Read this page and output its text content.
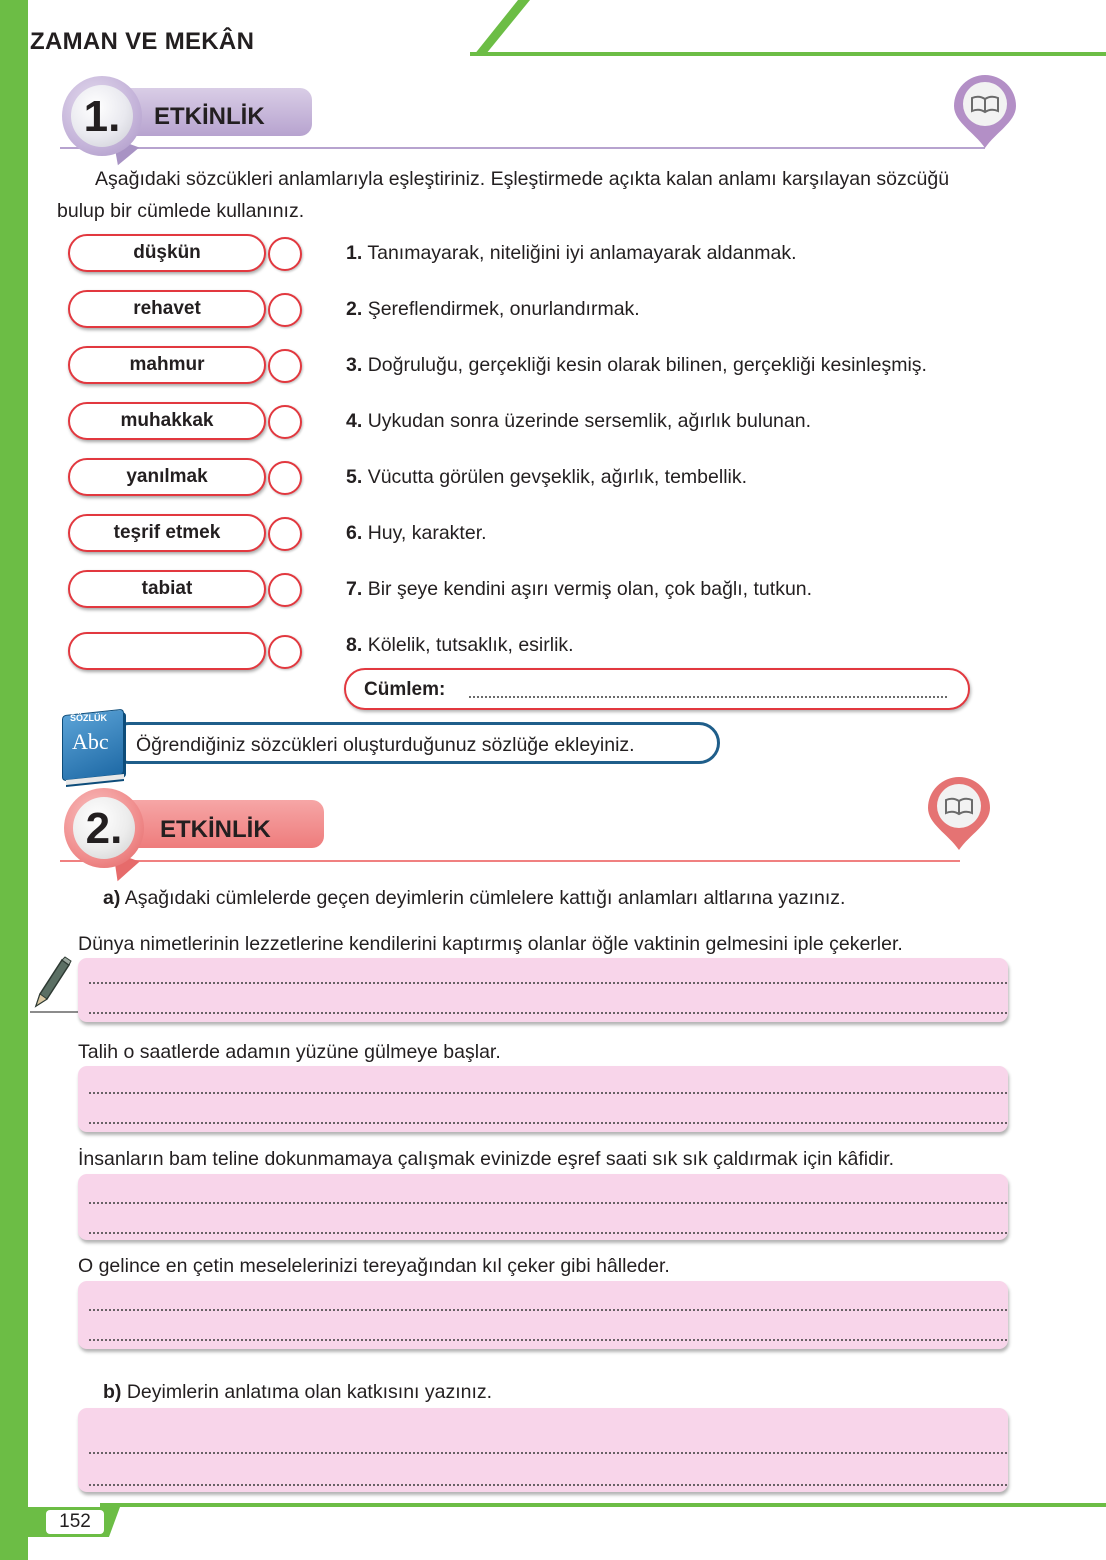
ZAMAN VE MEKÂN
152
1.	ETKİNLİK
Aşağıdaki sözcükleri anlamlarıyla eşleştiriniz. Eşleştirmede açıkta kalan anlamı karşılayan sözcüğü bulup bir cümlede kullanınız.
düşkün
rehavet
mahmur
muhakkak
yanılmak
teşrif etmek
tabiat
1. Tanımayarak, niteliğini iyi anlamayarak aldanmak.
2. Şereflendirmek, onurlandırmak.
3. Doğruluğu, gerçekliği kesin olarak bilinen, gerçekliği kesinleşmiş.
4. Uykudan sonra üzerinde sersemlik, ağırlık bulunan.
5. Vücutta görülen gevşeklik, ağırlık, tembellik.
6. Huy, karakter.
7. Bir şeye kendini aşırı vermiş olan, çok bağlı, tutkun.
8. Kölelik, tutsaklık, esirlik.
Cümlem:
Öğrendiğiniz sözcükleri oluşturduğunuz sözlüğe ekleyiniz.
SÖZLÜK
Abc
2.	ETKİNLİK
a) Aşağıdaki cümlelerde geçen deyimlerin cümlelere kattığı anlamları altlarına yazınız.
Dünya nimetlerinin lezzetlerine kendilerini kaptırmış olanlar öğle vaktinin gelmesini iple çekerler.
Talih o saatlerde adamın yüzüne gülmeye başlar.
İnsanların bam teline dokunmamaya çalışmak evinizde eşref saati sık sık çaldırmak için kâfidir.
O gelince en çetin meselelerinizi tereyağından kıl çeker gibi hâlleder.
b) Deyimlerin anlatıma olan katkısını yazınız.
